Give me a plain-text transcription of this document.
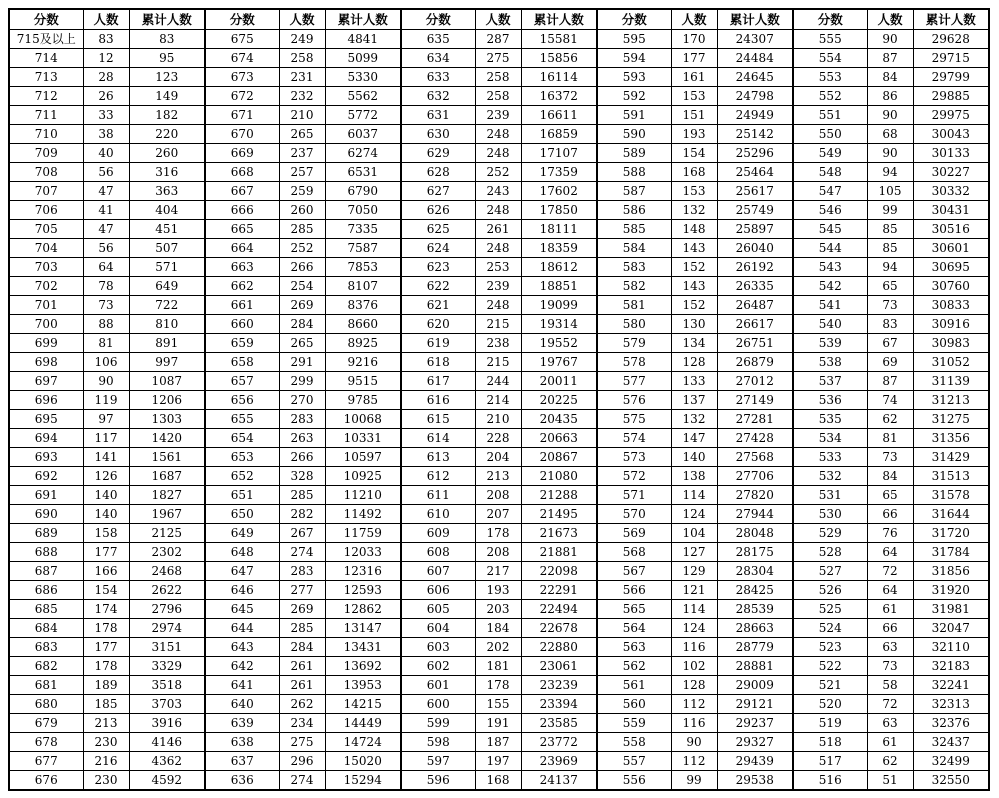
分数	人数	累计人数	分数	人数	累计人数	分数	人数	累计人数	分数	人数	累计人数	分数	人数	累计人数
715及以上	83	83	675	249	4841	635	287	15581	595	170	24307	555	90	29628
714	12	95	674	258	5099	634	275	15856	594	177	24484	554	87	29715
713	28	123	673	231	5330	633	258	16114	593	161	24645	553	84	29799
712	26	149	672	232	5562	632	258	16372	592	153	24798	552	86	29885
711	33	182	671	210	5772	631	239	16611	591	151	24949	551	90	29975
710	38	220	670	265	6037	630	248	16859	590	193	25142	550	68	30043
709	40	260	669	237	6274	629	248	17107	589	154	25296	549	90	30133
708	56	316	668	257	6531	628	252	17359	588	168	25464	548	94	30227
707	47	363	667	259	6790	627	243	17602	587	153	25617	547	105	30332
706	41	404	666	260	7050	626	248	17850	586	132	25749	546	99	30431
705	47	451	665	285	7335	625	261	18111	585	148	25897	545	85	30516
704	56	507	664	252	7587	624	248	18359	584	143	26040	544	85	30601
703	64	571	663	266	7853	623	253	18612	583	152	26192	543	94	30695
702	78	649	662	254	8107	622	239	18851	582	143	26335	542	65	30760
701	73	722	661	269	8376	621	248	19099	581	152	26487	541	73	30833
700	88	810	660	284	8660	620	215	19314	580	130	26617	540	83	30916
699	81	891	659	265	8925	619	238	19552	579	134	26751	539	67	30983
698	106	997	658	291	9216	618	215	19767	578	128	26879	538	69	31052
697	90	1087	657	299	9515	617	244	20011	577	133	27012	537	87	31139
696	119	1206	656	270	9785	616	214	20225	576	137	27149	536	74	31213
695	97	1303	655	283	10068	615	210	20435	575	132	27281	535	62	31275
694	117	1420	654	263	10331	614	228	20663	574	147	27428	534	81	31356
693	141	1561	653	266	10597	613	204	20867	573	140	27568	533	73	31429
692	126	1687	652	328	10925	612	213	21080	572	138	27706	532	84	31513
691	140	1827	651	285	11210	611	208	21288	571	114	27820	531	65	31578
690	140	1967	650	282	11492	610	207	21495	570	124	27944	530	66	31644
689	158	2125	649	267	11759	609	178	21673	569	104	28048	529	76	31720
688	177	2302	648	274	12033	608	208	21881	568	127	28175	528	64	31784
687	166	2468	647	283	12316	607	217	22098	567	129	28304	527	72	31856
686	154	2622	646	277	12593	606	193	22291	566	121	28425	526	64	31920
685	174	2796	645	269	12862	605	203	22494	565	114	28539	525	61	31981
684	178	2974	644	285	13147	604	184	22678	564	124	28663	524	66	32047
683	177	3151	643	284	13431	603	202	22880	563	116	28779	523	63	32110
682	178	3329	642	261	13692	602	181	23061	562	102	28881	522	73	32183
681	189	3518	641	261	13953	601	178	23239	561	128	29009	521	58	32241
680	185	3703	640	262	14215	600	155	23394	560	112	29121	520	72	32313
679	213	3916	639	234	14449	599	191	23585	559	116	29237	519	63	32376
678	230	4146	638	275	14724	598	187	23772	558	90	29327	518	61	32437
677	216	4362	637	296	15020	597	197	23969	557	112	29439	517	62	32499
676	230	4592	636	274	15294	596	168	24137	556	99	29538	516	51	32550
